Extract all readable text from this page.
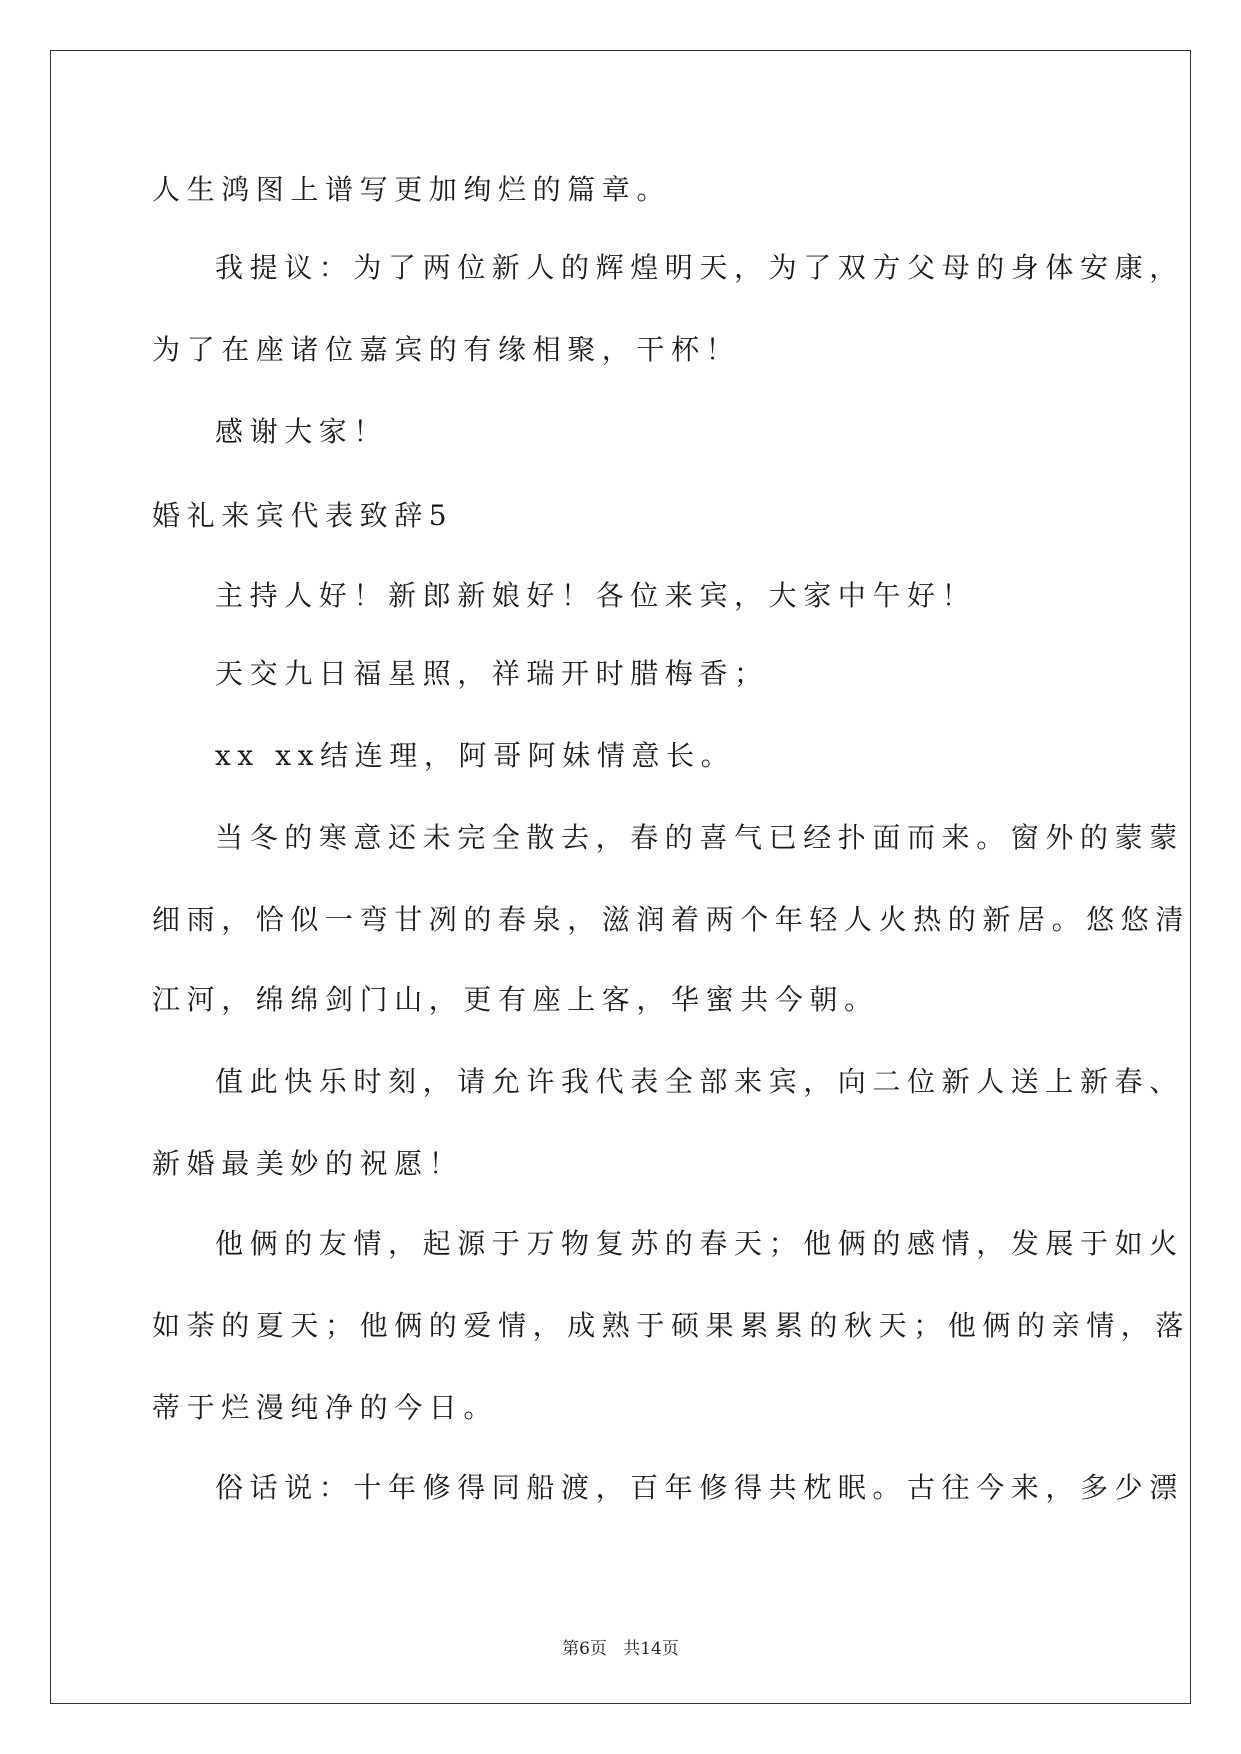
人生鸿图上谱写更加绚烂的篇章。
我提议：为了两位新人的辉煌明天，为了双方父母的身体安康，
为了在座诸位嘉宾的有缘相聚，干杯！
感谢大家！
婚礼来宾代表致辞5
主持人好！新郎新娘好！各位来宾，大家中午好！
天交九日福星照，祥瑞开时腊梅香；
xx xx结连理，阿哥阿妹情意长。
当冬的寒意还未完全散去，春的喜气已经扑面而来。窗外的蒙蒙
细雨，恰似一弯甘冽的春泉，滋润着两个年轻人火热的新居。悠悠清
江河，绵绵剑门山，更有座上客，华蜜共今朝。
值此快乐时刻，请允许我代表全部来宾，向二位新人送上新春、
新婚最美妙的祝愿！
他俩的友情，起源于万物复苏的春天；他俩的感情，发展于如火
如荼的夏天；他俩的爱情，成熟于硕果累累的秋天；他俩的亲情，落
蒂于烂漫纯净的今日。
俗话说：十年修得同船渡，百年修得共枕眠。古往今来，多少漂
第6页 共14页
